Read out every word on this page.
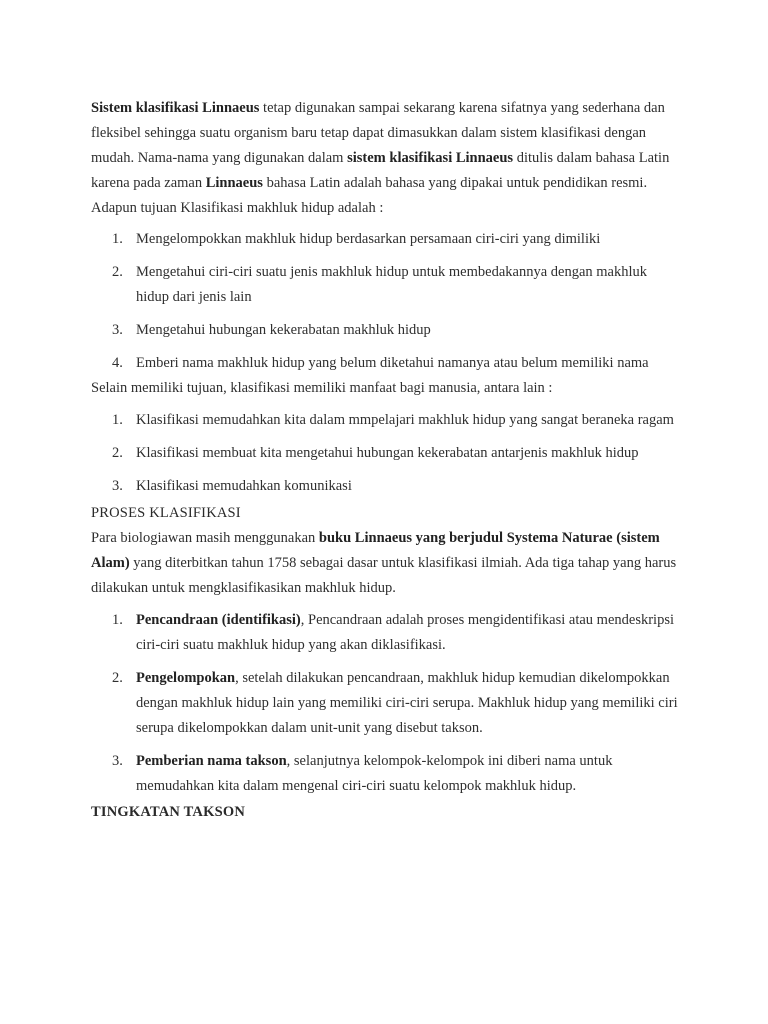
Sistem klasifikasi Linnaeus tetap digunakan sampai sekarang karena sifatnya yang sederhana dan fleksibel sehingga suatu organism baru tetap dapat dimasukkan dalam sistem klasifikasi dengan mudah. Nama-nama yang digunakan dalam sistem klasifikasi Linnaeus ditulis dalam bahasa Latin karena pada zaman Linnaeus bahasa Latin adalah bahasa yang dipakai untuk pendidikan resmi.

Adapun tujuan Klasifikasi makhluk hidup adalah :

1. Mengelompokkan makhluk hidup berdasarkan persamaan ciri-ciri yang dimiliki
2. Mengetahui ciri-ciri suatu jenis makhluk hidup untuk membedakannya dengan makhluk hidup dari jenis lain
3. Mengetahui hubungan kekerabatan makhluk hidup
4. Emberi nama makhluk hidup yang belum diketahui namanya atau belum memiliki nama

Selain memiliki tujuan, klasifikasi memiliki manfaat bagi manusia, antara lain :

1. Klasifikasi memudahkan kita dalam mmpelajari makhluk hidup yang sangat beraneka ragam
2. Klasifikasi membuat kita mengetahui hubungan kekerabatan antarjenis makhluk hidup
3. Klasifikasi memudahkan komunikasi

PROSES KLASIFIKASI

Para biologiawan masih menggunakan buku Linnaeus yang berjudul Systema Naturae (sistem Alam) yang diterbitkan tahun 1758 sebagai dasar untuk klasifikasi ilmiah. Ada tiga tahap yang harus dilakukan untuk mengklasifikasikan makhluk hidup.

1. Pencandraan (identifikasi), Pencandraan adalah proses mengidentifikasi atau mendeskripsi ciri-ciri suatu makhluk hidup yang akan diklasifikasi.
2. Pengelompokan, setelah dilakukan pencandraan, makhluk hidup kemudian dikelompokkan dengan makhluk hidup lain yang memiliki ciri-ciri serupa. Makhluk hidup yang memiliki ciri serupa dikelompokkan dalam unit-unit yang disebut takson.
3. Pemberian nama takson, selanjutnya kelompok-kelompok ini diberi nama untuk memudahkan kita dalam mengenal ciri-ciri suatu kelompok makhluk hidup.

TINGKATAN TAKSON
